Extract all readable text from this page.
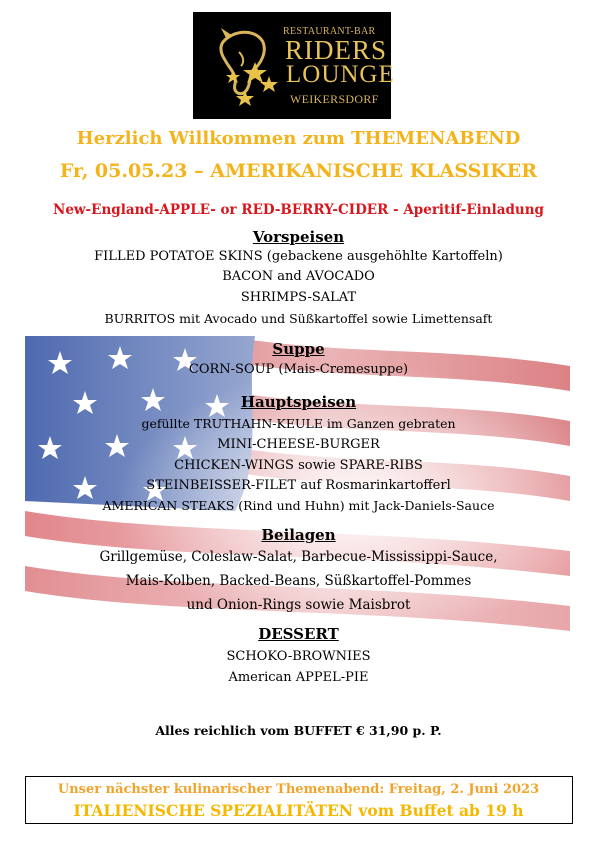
RESTAURANT-BAR
RIDERS
LOUNGE
WEIKERSDORF
Herzlich Willkommen zum THEMENABEND
Fr, 05.05.23 – AMERIKANISCHE KLASSIKER
New-England-APPLE- or RED-BERRY-CIDER - Aperitif-Einladung
Vorspeisen
FILLED POTATOE SKINS (gebackene ausgehöhlte Kartoffeln)
BACON and AVOCADO
SHRIMPS-SALAT
BURRITOS mit Avocado und Süßkartoffel sowie Limettensaft
Suppe
CORN-SOUP (Mais-Cremesuppe)
Hauptspeisen
gefüllte TRUTHAHN-KEULE im Ganzen gebraten
MINI-CHEESE-BURGER
CHICKEN-WINGS sowie SPARE-RIBS
STEINBEISSER-FILET auf Rosmarinkartofferl
AMERICAN STEAKS (Rind und Huhn) mit Jack-Daniels-Sauce
Beilagen
Grillgemüse, Coleslaw-Salat, Barbecue-Mississippi-Sauce,
Mais-Kolben, Backed-Beans, Süßkartoffel-Pommes
und Onion-Rings sowie Maisbrot
DESSERT
SCHOKO-BROWNIES
American APPEL-PIE
Alles reichlich vom BUFFET € 31,90 p. P.
Unser nächster kulinarischer Themenabend: Freitag, 2. Juni 2023
ITALIENISCHE SPEZIALITÄTEN vom Buffet ab 19 h
